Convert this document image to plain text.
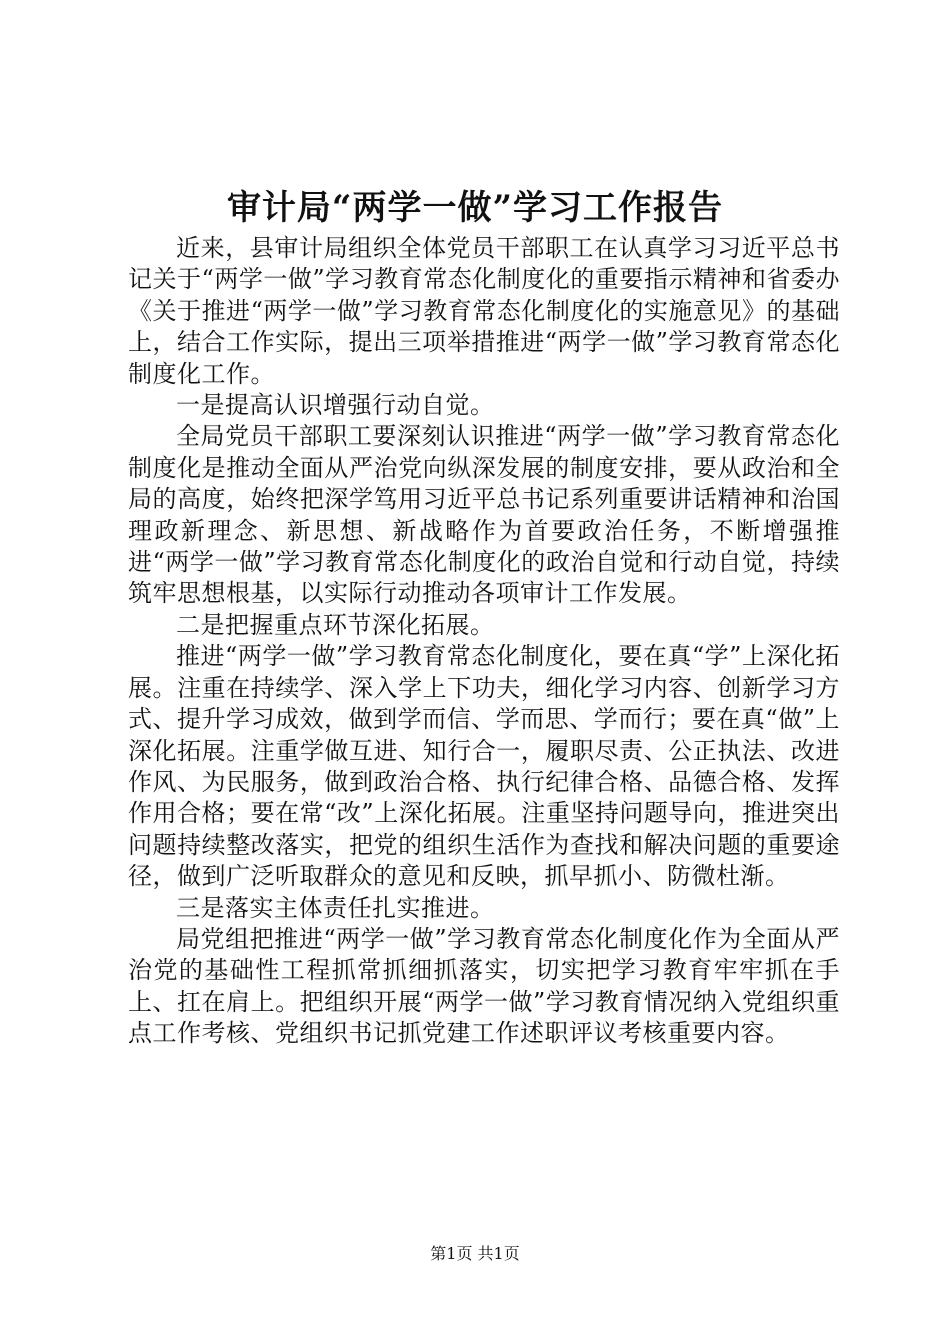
审计局“两学一做”学习工作报告

近来，县审计局组织全体党员干部职工在认真学习习近平总书记关于“两学一做”学习教育常态化制度化的重要指示精神和省委办《关于推进“两学一做”学习教育常态化制度化的实施意见》的基础上，结合工作实际，提出三项举措推进“两学一做”学习教育常态化制度化工作。

一是提高认识增强行动自觉。

全局党员干部职工要深刻认识推进“两学一做”学习教育常态化制度化是推动全面从严治党向纵深发展的制度安排，要从政治和全局的高度，始终把深学笃用习近平总书记系列重要讲话精神和治国理政新理念、新思想、新战略作为首要政治任务，不断增强推进“两学一做”学习教育常态化制度化的政治自觉和行动自觉，持续筑牢思想根基，以实际行动推动各项审计工作发展。

二是把握重点环节深化拓展。

推进“两学一做”学习教育常态化制度化，要在真“学”上深化拓展。注重在持续学、深入学上下功夫，细化学习内容、创新学习方式、提升学习成效，做到学而信、学而思、学而行；要在真“做”上深化拓展。注重学做互进、知行合一，履职尽责、公正执法、改进作风、为民服务，做到政治合格、执行纪律合格、品德合格、发挥作用合格；要在常“改”上深化拓展。注重坚持问题导向，推进突出问题持续整改落实，把党的组织生活作为查找和解决问题的重要途径，做到广泛听取群众的意见和反映，抓早抓小、防微杜渐。

三是落实主体责任扎实推进。

局党组把推进“两学一做”学习教育常态化制度化作为全面从严治党的基础性工程抓常抓细抓落实，切实把学习教育牢牢抓在手上、扛在肩上。把组织开展“两学一做”学习教育情况纳入党组织重点工作考核、党组织书记抓党建工作述职评议考核重要内容。

第1页 共1页
